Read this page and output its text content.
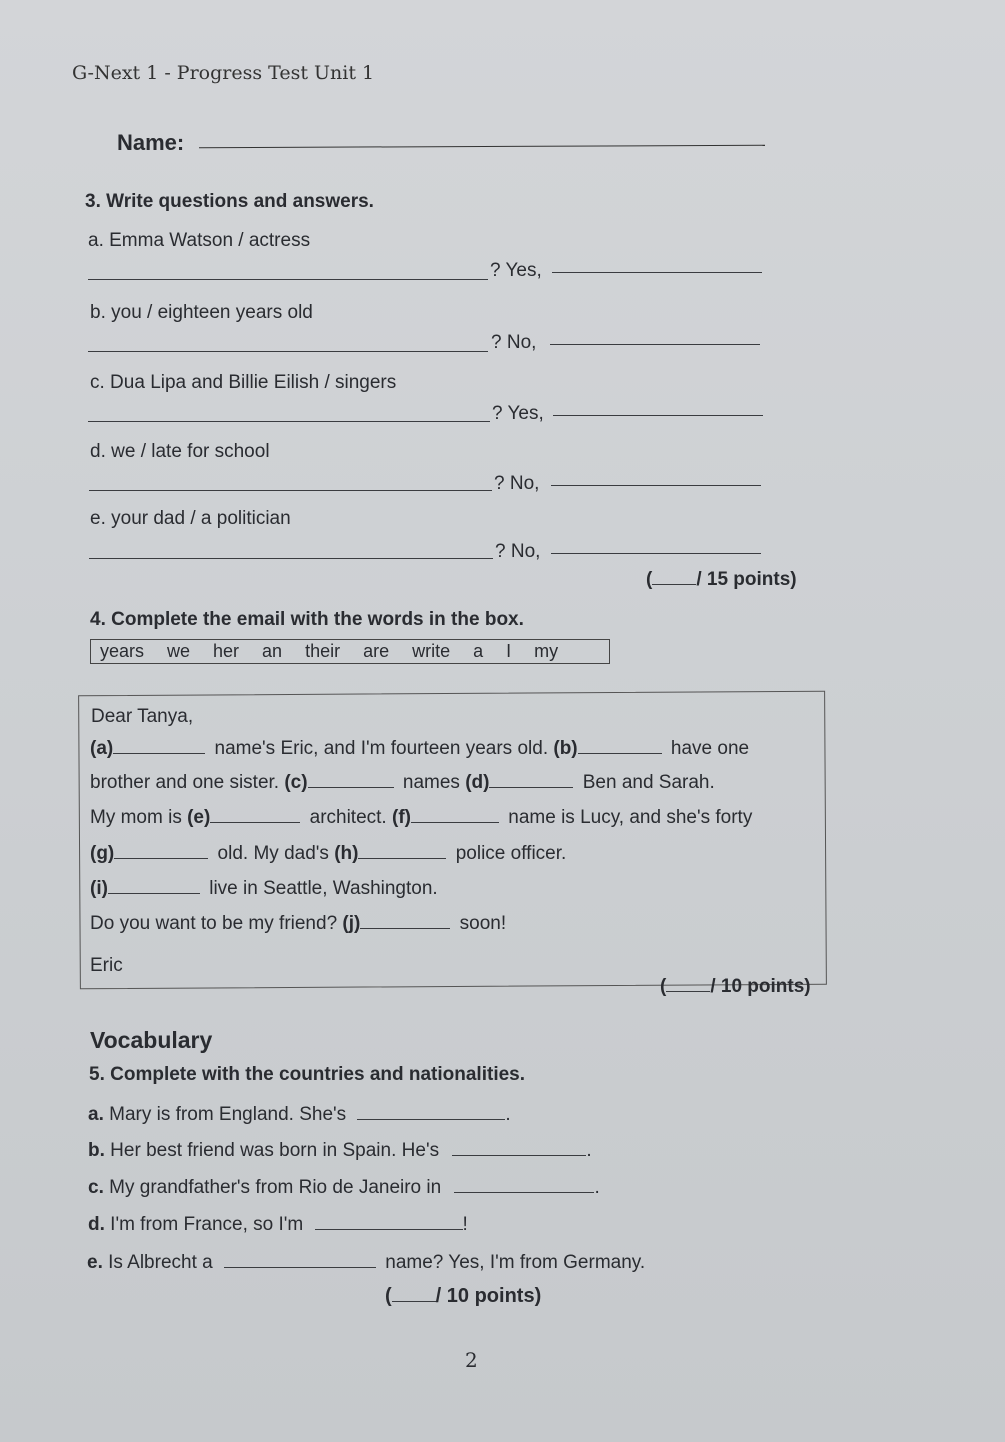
G-Next 1 - Progress Test Unit 1
Name:
3. Write questions and answers.
a. Emma Watson / actress
? Yes,
b. you / eighteen years old
? No,
c. Dua Lipa and Billie Eilish / singers
? Yes,
d. we / late for school
? No,
e. your dad / a politician
? No,
( / 15 points)
4. Complete the email with the words in the box.
years we her an their are write a I my
Dear Tanya,
(a)	name's Eric, and I'm fourteen years old. (b)	have one
brother and one sister. (c)	names (d)	Ben and Sarah.
My mom is (e)	architect. (f)	name is Lucy, and she's forty
(g)	old. My dad's (h)	police officer.
(i)	live in Seattle, Washington.
Do you want to be my friend? (j)	soon!
Eric
( / 10 points)
Vocabulary
5. Complete with the countries and nationalities.
a. Mary is from England. She's	.
b. Her best friend was born in Spain. He's	.
c. My grandfather's from Rio de Janeiro in	.
d. I'm from France, so I'm	!
e. Is Albrecht a	name? Yes, I'm from Germany.
( / 10 points)
2
